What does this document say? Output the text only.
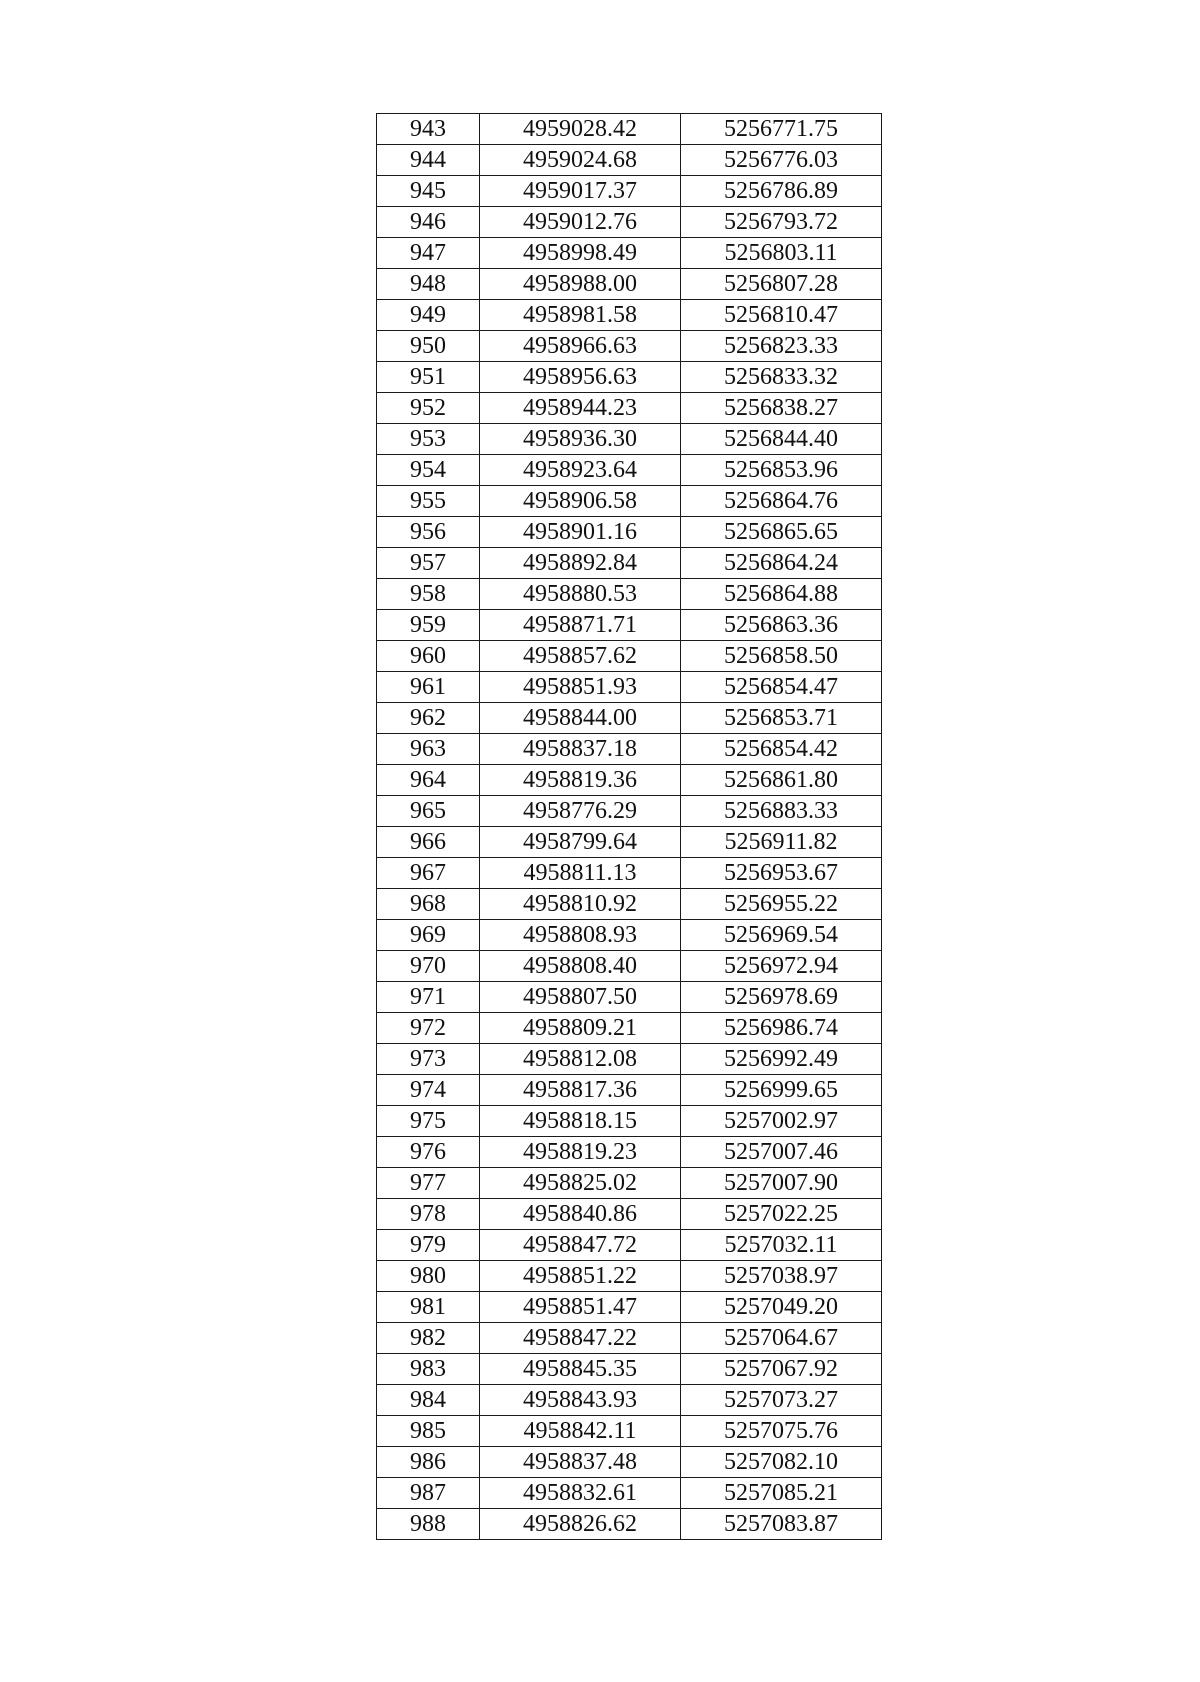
943	4959028.42	5256771.75
944	4959024.68	5256776.03
945	4959017.37	5256786.89
946	4959012.76	5256793.72
947	4958998.49	5256803.11
948	4958988.00	5256807.28
949	4958981.58	5256810.47
950	4958966.63	5256823.33
951	4958956.63	5256833.32
952	4958944.23	5256838.27
953	4958936.30	5256844.40
954	4958923.64	5256853.96
955	4958906.58	5256864.76
956	4958901.16	5256865.65
957	4958892.84	5256864.24
958	4958880.53	5256864.88
959	4958871.71	5256863.36
960	4958857.62	5256858.50
961	4958851.93	5256854.47
962	4958844.00	5256853.71
963	4958837.18	5256854.42
964	4958819.36	5256861.80
965	4958776.29	5256883.33
966	4958799.64	5256911.82
967	4958811.13	5256953.67
968	4958810.92	5256955.22
969	4958808.93	5256969.54
970	4958808.40	5256972.94
971	4958807.50	5256978.69
972	4958809.21	5256986.74
973	4958812.08	5256992.49
974	4958817.36	5256999.65
975	4958818.15	5257002.97
976	4958819.23	5257007.46
977	4958825.02	5257007.90
978	4958840.86	5257022.25
979	4958847.72	5257032.11
980	4958851.22	5257038.97
981	4958851.47	5257049.20
982	4958847.22	5257064.67
983	4958845.35	5257067.92
984	4958843.93	5257073.27
985	4958842.11	5257075.76
986	4958837.48	5257082.10
987	4958832.61	5257085.21
988	4958826.62	5257083.87
